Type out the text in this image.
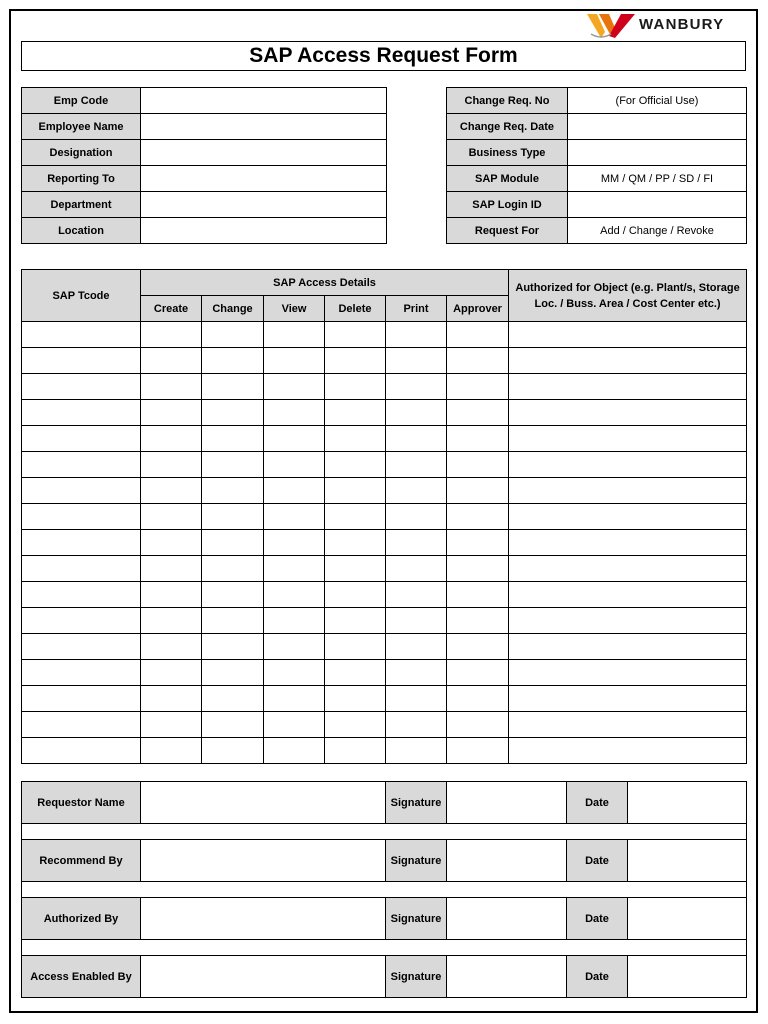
WANBURY
SAP Access Request Form
Emp Code	
Employee Name	
Designation	
Reporting To	
Department	
Location	
Change Req. No	(For Official Use)
Change Req. Date	
Business Type	
SAP Module	MM / QM / PP / SD / FI
SAP Login ID	
Request For	Add / Change / Revoke
SAP Tcode	SAP Access Details						Authorized for Object (e.g. Plant/s, Storage Loc. / Buss. Area / Cost Center etc.)
	Create	Change	View	Delete	Print	Approver	

Requestor Name		Signature		Date	

Recommend By		Signature		Date	

Authorized By		Signature		Date	

Access Enabled By		Signature		Date	
